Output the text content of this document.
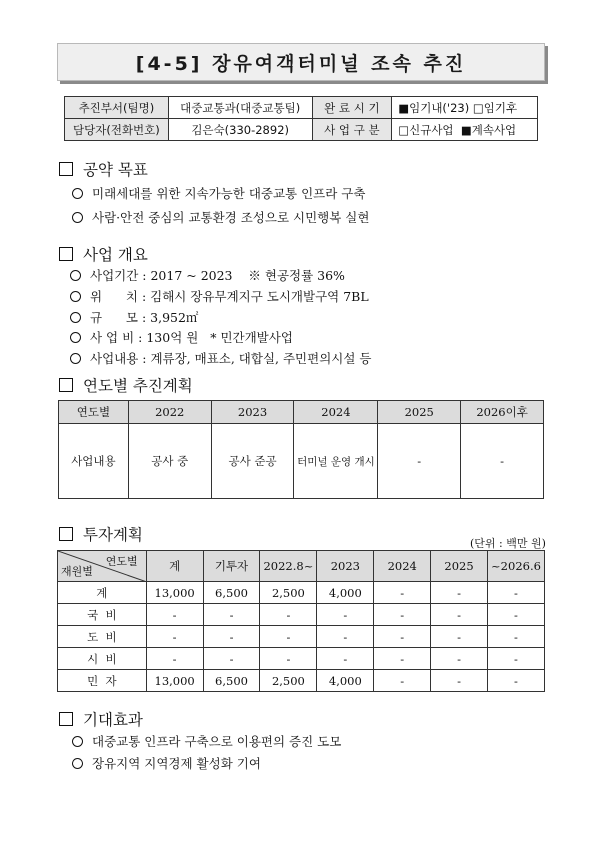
[4-5] 장유여객터미널 조속 추진
추진부서(팀명)	대중교통과(대중교통팀)	완 료 시 기	■임기내('23) □임기후
담당자(전화번호)	김은숙(330-2892)	사 업 구 분	□신규사업 ■계속사업
공약 목표
미래세대를 위한 지속가능한 대중교통 인프라 구축
사람·안전 중심의 교통환경 조성으로 시민행복 실현
사업 개요
사업기간 : 2017 ~ 2023    ※ 현공정률 36%
위      치 : 김해시 장유무계지구 도시개발구역 7BL
규      모 : 3,952㎡
사 업 비 : 130억 원   * 민간개발사업
사업내용 : 계류장, 매표소, 대합실, 주민편의시설 등
연도별 추진계획
연도별	2022	2023	2024	2025	2026이후
사업내용	공사 중	공사 준공	터미널 운영 개시	-	-
투자계획	(단위 : 백만 원)
연도별
재원별	계	기투자	2022.8~	2023	2024	2025	~2026.6
계	13,000	6,500	2,500	4,000	-	-	-
국  비	-	-	-	-	-	-	-
도  비	-	-	-	-	-	-	-
시  비	-	-	-	-	-	-	-
민  자	13,000	6,500	2,500	4,000	-	-	-
기대효과
대중교통 인프라 구축으로 이용편의 증진 도모
장유지역 지역경제 활성화 기여
